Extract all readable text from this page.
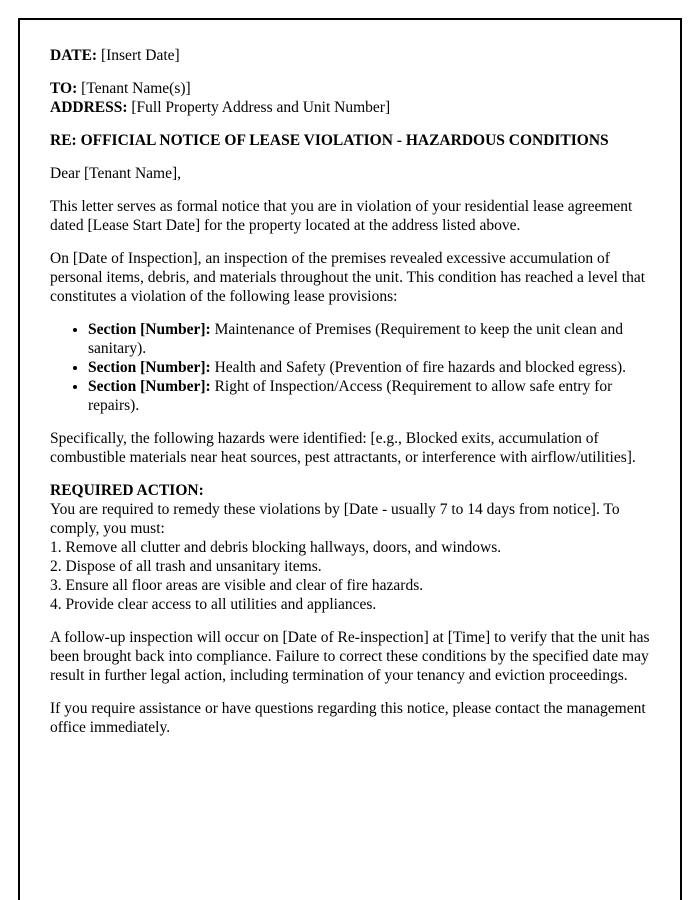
DATE: [Insert Date]

TO: [Tenant Name(s)]

ADDRESS: [Full Property Address and Unit Number]

RE: OFFICIAL NOTICE OF LEASE VIOLATION - HAZARDOUS CONDITIONS

Dear [Tenant Name],

This letter serves as formal notice that you are in violation of your residential lease agreement dated [Lease Start Date] for the property located at the address listed above.

On [Date of Inspection], an inspection of the premises revealed excessive accumulation of personal items, debris, and materials throughout the unit. This condition has reached a level that constitutes a violation of the following lease provisions:

• Section [Number]: Maintenance of Premises (Requirement to keep the unit clean and sanitary).
• Section [Number]: Health and Safety (Prevention of fire hazards and blocked egress).
• Section [Number]: Right of Inspection/Access (Requirement to allow safe entry for repairs).

Specifically, the following hazards were identified: [e.g., Blocked exits, accumulation of combustible materials near heat sources, pest attractants, or interference with airflow/utilities].

REQUIRED ACTION:

You are required to remedy these violations by [Date - usually 7 to 14 days from notice]. To comply, you must:

1. Remove all clutter and debris blocking hallways, doors, and windows.

2. Dispose of all trash and unsanitary items.

3. Ensure all floor areas are visible and clear of fire hazards.

4. Provide clear access to all utilities and appliances.

A follow-up inspection will occur on [Date of Re-inspection] at [Time] to verify that the unit has been brought back into compliance. Failure to correct these conditions by the specified date may result in further legal action, including termination of your tenancy and eviction proceedings.

If you require assistance or have questions regarding this notice, please contact the management office immediately.
